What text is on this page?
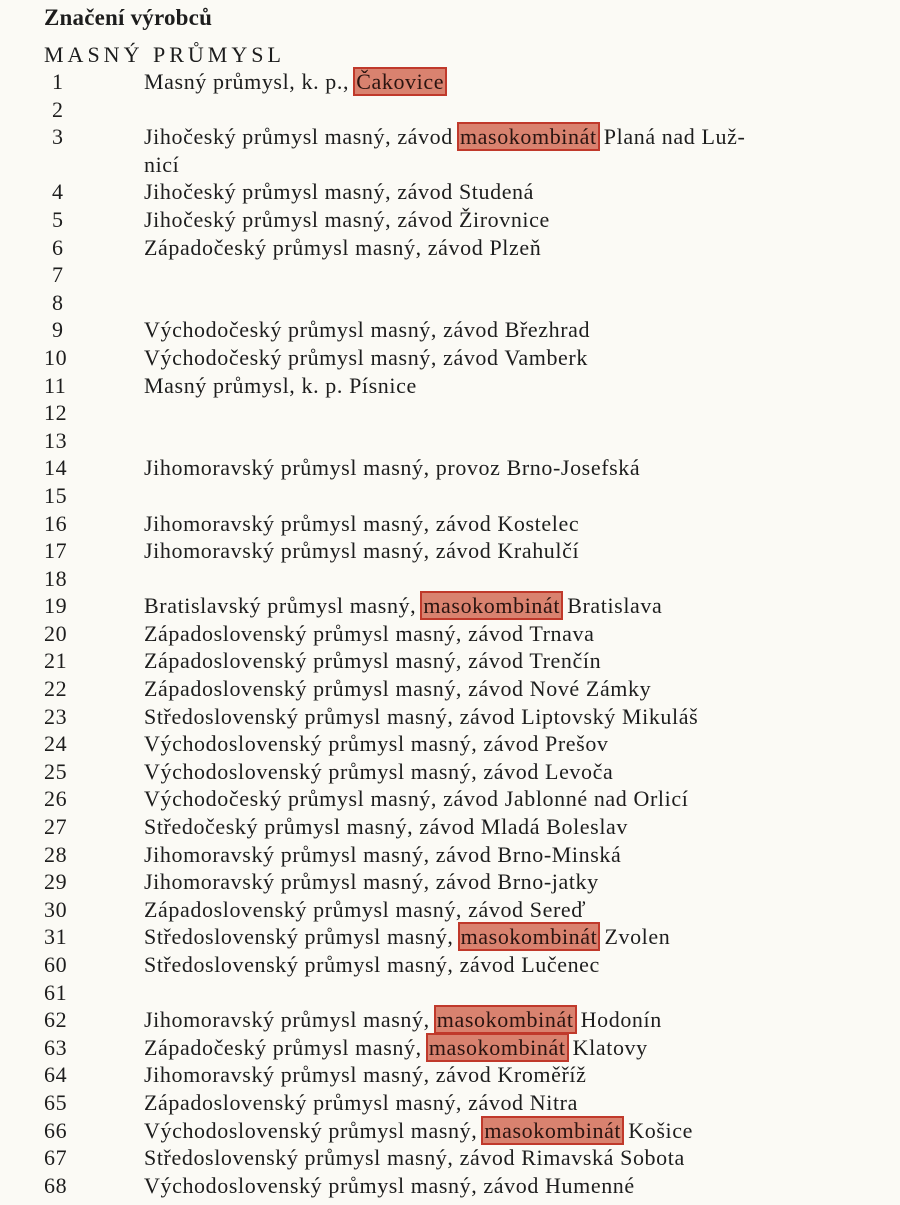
Značení výrobců
MASNÝ PRŮMYSL
1	Masný průmysl, k. p., Čakovice
2

3	Jihočeský průmysl masný, závod masokombinát Planá nad Luž-
nicí
4	Jihočeský průmysl masný, závod Studená
5	Jihočeský průmysl masný, závod Žirovnice
6	Západočeský průmysl masný, závod Plzeň
7

8

9	Východočeský průmysl masný, závod Březhrad
10	Východočeský průmysl masný, závod Vamberk
11	Masný průmysl, k. p. Písnice
12

13

14	Jihomoravský průmysl masný, provoz Brno-Josefská
15

16	Jihomoravský průmysl masný, závod Kostelec
17	Jihomoravský průmysl masný, závod Krahulčí
18

19	Bratislavský průmysl masný, masokombinát Bratislava
20	Západoslovenský průmysl masný, závod Trnava
21	Západoslovenský průmysl masný, závod Trenčín
22	Západoslovenský průmysl masný, závod Nové Zámky
23	Středoslovenský průmysl masný, závod Liptovský Mikuláš
24	Východoslovenský průmysl masný, závod Prešov
25	Východoslovenský průmysl masný, závod Levoča
26	Východočeský průmysl masný, závod Jablonné nad Orlicí
27	Středočeský průmysl masný, závod Mladá Boleslav
28	Jihomoravský průmysl masný, závod Brno-Minská
29	Jihomoravský průmysl masný, závod Brno-jatky
30	Západoslovenský průmysl masný, závod Sereď
31	Středoslovenský průmysl masný, masokombinát Zvolen
60	Středoslovenský průmysl masný, závod Lučenec
61

62	Jihomoravský průmysl masný, masokombinát Hodonín
63	Západočeský průmysl masný, masokombinát Klatovy
64	Jihomoravský průmysl masný, závod Kroměříž
65	Západoslovenský průmysl masný, závod Nitra
66	Východoslovenský průmysl masný, masokombinát Košice
67	Středoslovenský průmysl masný, závod Rimavská Sobota
68	Východoslovenský průmysl masný, závod Humenné
